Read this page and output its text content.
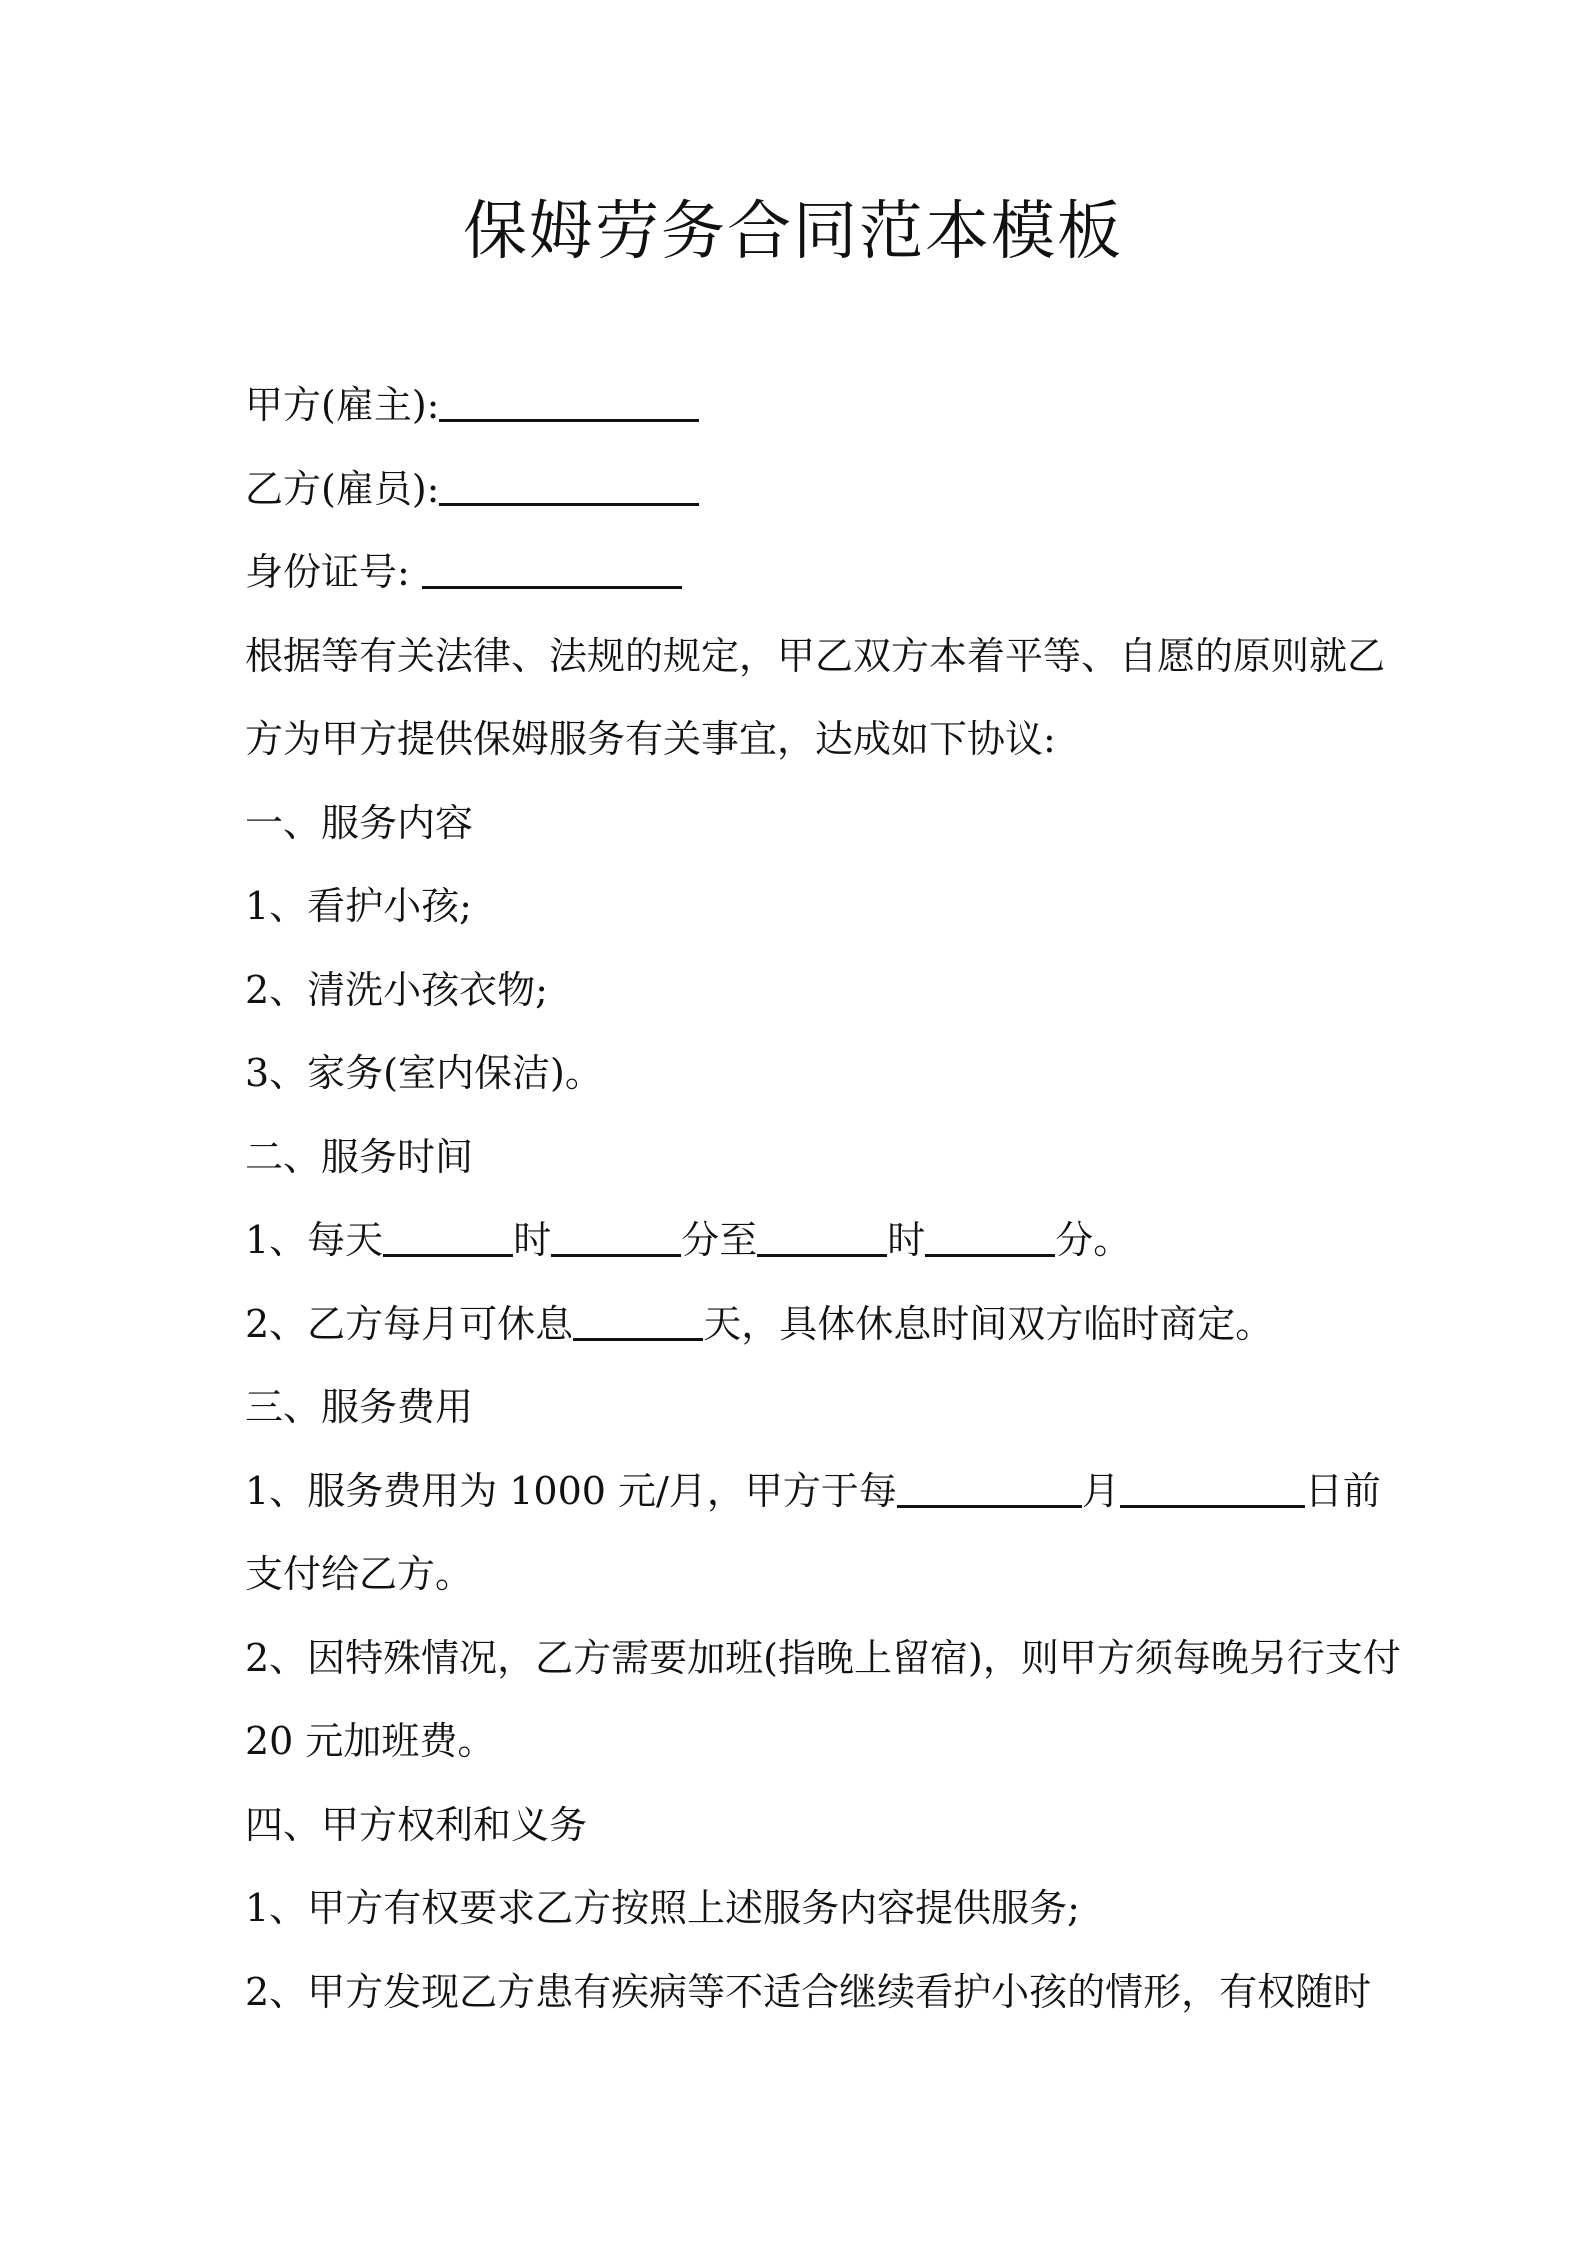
保姆劳务合同范本模板
甲方(雇主):
乙方(雇员):
身份证号:
根据等有关法律、法规的规定，甲乙双方本着平等、自愿的原则就乙
方为甲方提供保姆服务有关事宜，达成如下协议:
一、服务内容
1、看护小孩;
2、清洗小孩衣物;
3、家务(室内保洁)。
二、服务时间
1、每天	时	分至	时	分。
2、乙方每月可休息	天，具体休息时间双方临时商定。
三、服务费用
1、服务费用为 1000 元/月，甲方于每	月	日前
支付给乙方。
2、因特殊情况，乙方需要加班(指晚上留宿)，则甲方须每晚另行支付
20 元加班费。
四、甲方权利和义务
1、甲方有权要求乙方按照上述服务内容提供服务;
2、甲方发现乙方患有疾病等不适合继续看护小孩的情形，有权随时
